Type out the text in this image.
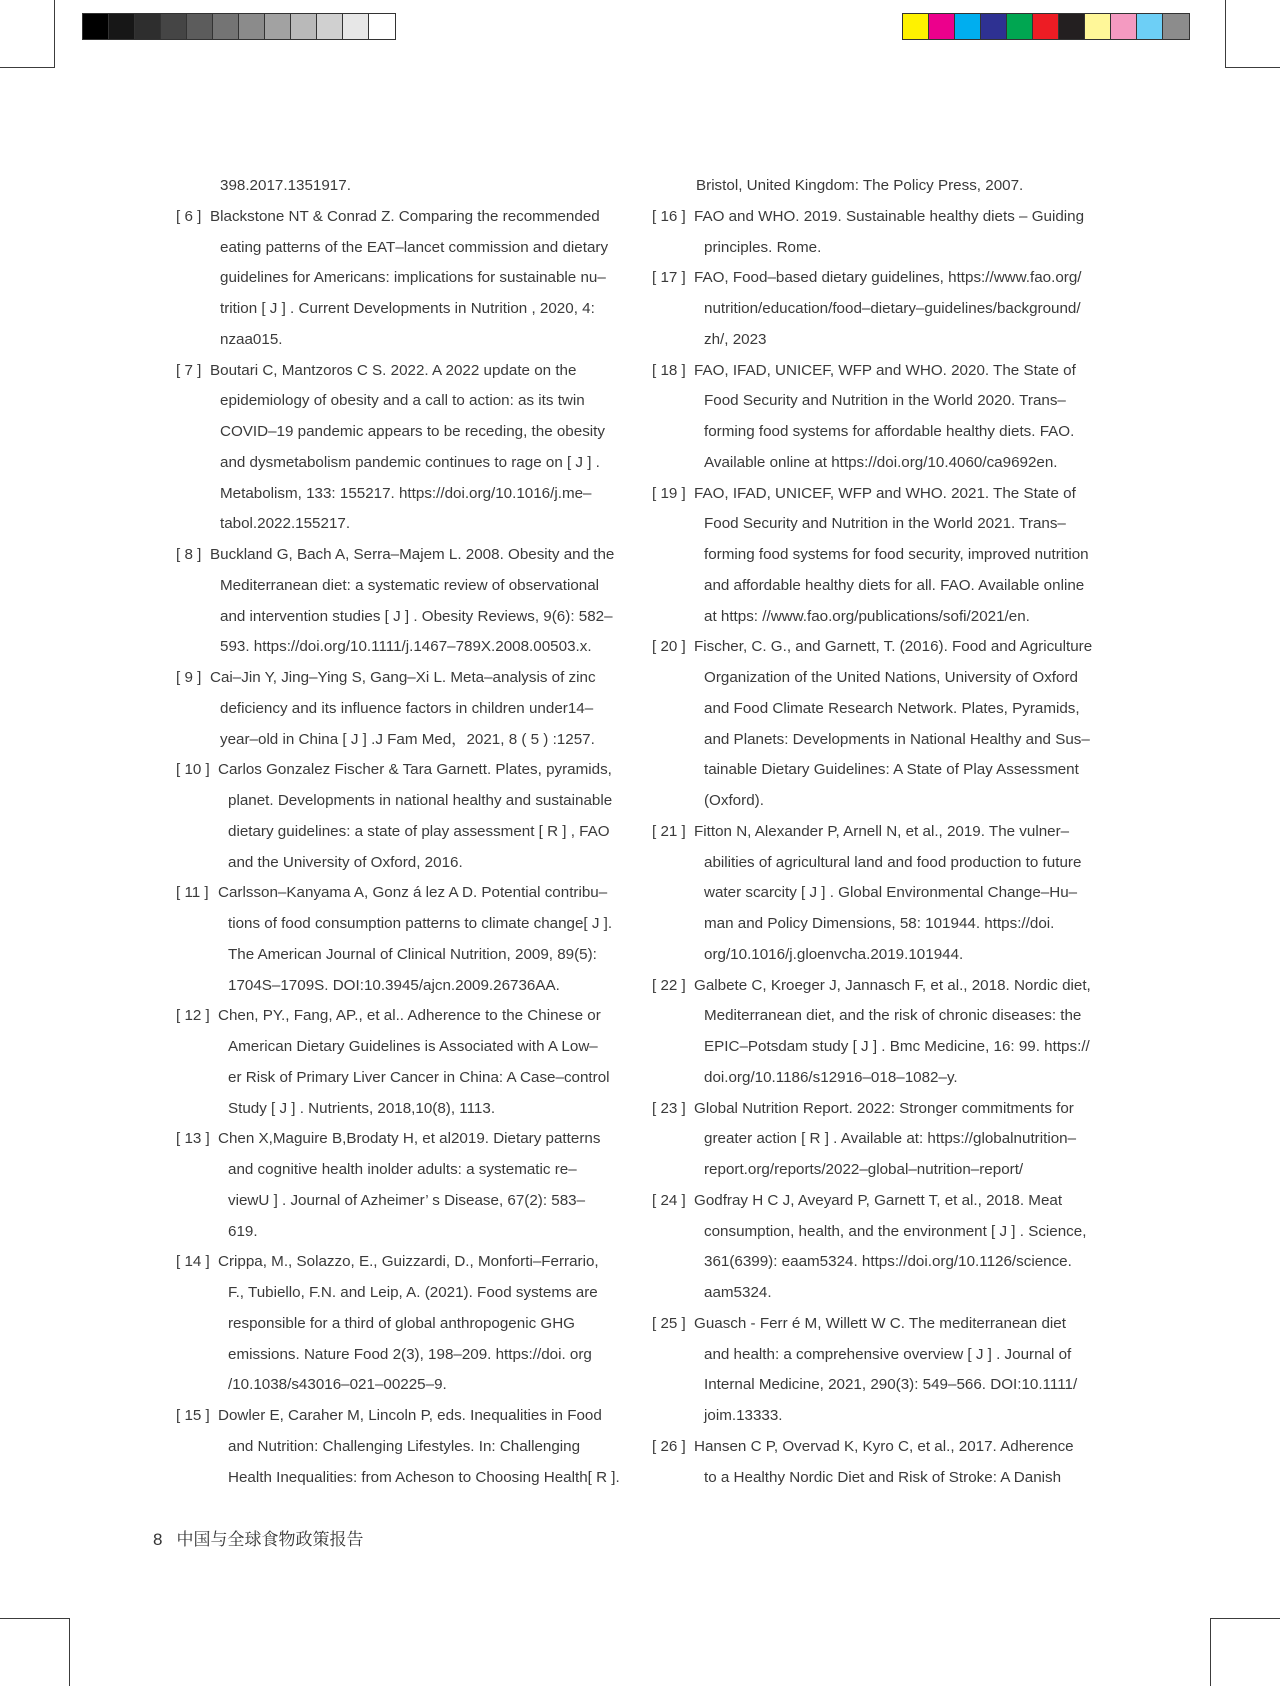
398.2017.1351917.
[ 6 ] Blackstone NT & Conrad Z. Comparing the recommended
eating patterns of the EAT–lancet commission and dietary
guidelines for Americans: implications for sustainable nu–
trition [ J ] . Current Developments in Nutrition , 2020, 4:
nzaa015.
[ 7 ] Boutari C, Mantzoros C S. 2022. A 2022 update on the
epidemiology of obesity and a call to action: as its twin
COVID–19 pandemic appears to be receding, the obesity
and dysmetabolism pandemic continues to rage on [ J ] .
Metabolism, 133: 155217. https://doi.org/10.1016/j.me–
tabol.2022.155217.
[ 8 ] Buckland G, Bach A, Serra–Majem L. 2008. Obesity and the
Mediterranean diet: a systematic review of observational
and intervention studies [ J ] . Obesity Reviews, 9(6): 582–
593. https://doi.org/10.1111/j.1467–789X.2008.00503.x.
[ 9 ] Cai–Jin Y, Jing–Ying S, Gang–Xi L. Meta–analysis of zinc
deficiency and its influence factors in children under14–
year–old in China [ J ] .J Fam Med，2021, 8 ( 5 ) :1257.
[ 10 ] Carlos Gonzalez Fischer & Tara Garnett. Plates, pyramids,
planet. Developments in national healthy and sustainable
dietary guidelines: a state of play assessment [ R ] , FAO
and the University of Oxford, 2016.
[ 11 ] Carlsson–Kanyama A, Gonz á lez A D. Potential contribu–
tions of food consumption patterns to climate change[ J ].
The American Journal of Clinical Nutrition, 2009, 89(5):
1704S–1709S. DOI:10.3945/ajcn.2009.26736AA.
[ 12 ] Chen, PY., Fang, AP., et al.. Adherence to the Chinese or
American Dietary Guidelines is Associated with A Low–
er Risk of Primary Liver Cancer in China: A Case–control
Study [ J ] . Nutrients, 2018,10(8), 1113.
[ 13 ] Chen X,Maguire B,Brodaty H, et al2019. Dietary patterns
and cognitive health inolder adults: a systematic re–
viewU ] . Journal of Azheimer’ s Disease, 67(2): 583–
619.
[ 14 ] Crippa, M., Solazzo, E., Guizzardi, D., Monforti–Ferrario,
F., Tubiello, F.N. and Leip, A. (2021). Food systems are
responsible for a third of global anthropogenic GHG
emissions. Nature Food 2(3), 198–209. https://doi. org
/10.1038/s43016–021–00225–9.
[ 15 ] Dowler E, Caraher M, Lincoln P, eds. Inequalities in Food
and Nutrition: Challenging Lifestyles. In: Challenging
Health Inequalities: from Acheson to Choosing Health[ R ].
Bristol, United Kingdom: The Policy Press, 2007.
[ 16 ] FAO and WHO. 2019. Sustainable healthy diets – Guiding
principles. Rome.
[ 17 ] FAO, Food–based dietary guidelines, https://www.fao.org/
nutrition/education/food–dietary–guidelines/background/
zh/, 2023
[ 18 ] FAO, IFAD, UNICEF, WFP and WHO. 2020. The State of
Food Security and Nutrition in the World 2020. Trans–
forming food systems for affordable healthy diets. FAO.
Available online at https://doi.org/10.4060/ca9692en.
[ 19 ] FAO, IFAD, UNICEF, WFP and WHO. 2021. The State of
Food Security and Nutrition in the World 2021. Trans–
forming food systems for food security, improved nutrition
and affordable healthy diets for all. FAO. Available online
at https: //www.fao.org/publications/sofi/2021/en.
[ 20 ] Fischer, C. G., and Garnett, T. (2016). Food and Agriculture
Organization of the United Nations, University of Oxford
and Food Climate Research Network. Plates, Pyramids,
and Planets: Developments in National Healthy and Sus–
tainable Dietary Guidelines: A State of Play Assessment
(Oxford).
[ 21 ] Fitton N, Alexander P, Arnell N, et al., 2019. The vulner–
abilities of agricultural land and food production to future
water scarcity [ J ] . Global Environmental Change–Hu–
man and Policy Dimensions, 58: 101944. https://doi.
org/10.1016/j.gloenvcha.2019.101944.
[ 22 ] Galbete C, Kroeger J, Jannasch F, et al., 2018. Nordic diet,
Mediterranean diet, and the risk of chronic diseases: the
EPIC–Potsdam study [ J ] . Bmc Medicine, 16: 99. https://
doi.org/10.1186/s12916–018–1082–y.
[ 23 ] Global Nutrition Report. 2022: Stronger commitments for
greater action [ R ] . Available at: https://globalnutrition–
report.org/reports/2022–global–nutrition–report/
[ 24 ] Godfray H C J, Aveyard P, Garnett T, et al., 2018. Meat
consumption, health, and the environment [ J ] . Science,
361(6399): eaam5324. https://doi.org/10.1126/science.
aam5324.
[ 25 ] Guasch - Ferr é M, Willett W C. The mediterranean diet
and health: a comprehensive overview [ J ] . Journal of
Internal Medicine, 2021, 290(3): 549–566. DOI:10.1111/
joim.13333.
[ 26 ] Hansen C P, Overvad K, Kyro C, et al., 2017. Adherence
to a Healthy Nordic Diet and Risk of Stroke: A Danish
8 中国与全球食物政策报告
